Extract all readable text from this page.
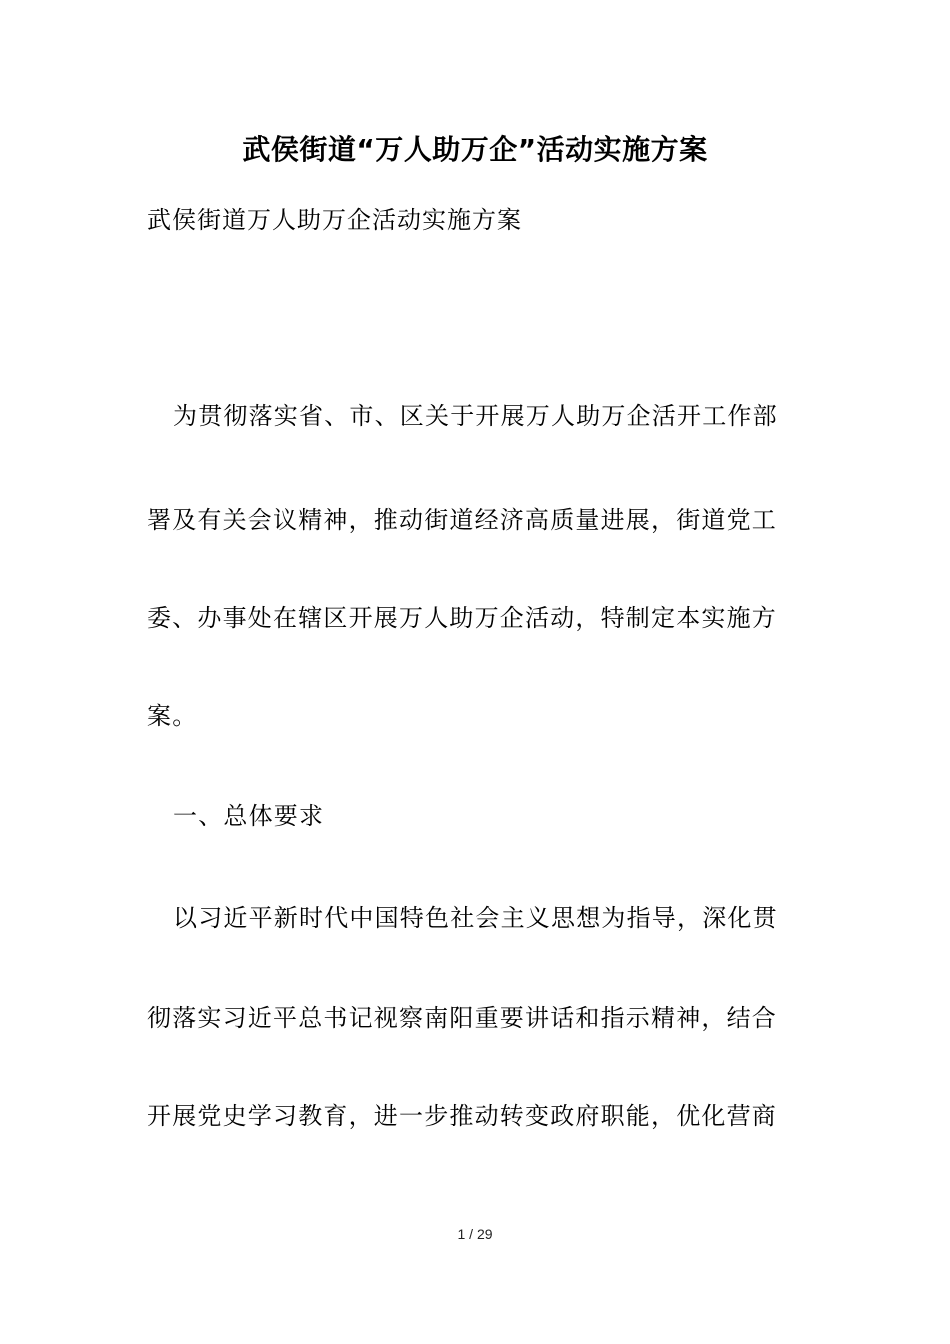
武侯街道“万人助万企”活动实施方案
武侯街道万人助万企活动实施方案
为贯彻落实省、市、区关于开展万人助万企活开工作部
署及有关会议精神，推动街道经济高质量进展，街道党工
委、办事处在辖区开展万人助万企活动，特制定本实施方
案。
一、总体要求
以习近平新时代中国特色社会主义思想为指导，深化贯
彻落实习近平总书记视察南阳重要讲话和指示精神，结合
开展党史学习教育，进一步推动转变政府职能，优化营商
1 / 29
